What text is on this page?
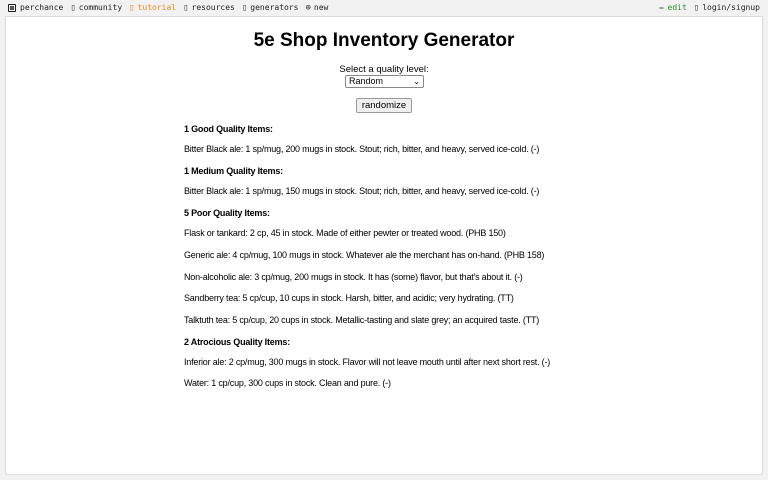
perchance ▯ community ▯ tutorial ▯ resources ▯ generators ⊕ new	✏ edit ▯ login/signup
5e Shop Inventory Generator
Select a quality level:
Random	⌄
randomize

1 Good Quality Items:

Bitter Black ale: 1 sp/mug, 200 mugs in stock. Stout; rich, bitter, and heavy, served ice-cold. (-)

1 Medium Quality Items:

Bitter Black ale: 1 sp/mug, 150 mugs in stock. Stout; rich, bitter, and heavy, served ice-cold. (-)

5 Poor Quality Items:

Flask or tankard: 2 cp, 45 in stock. Made of either pewter or treated wood. (PHB 150)

Generic ale: 4 cp/mug, 100 mugs in stock. Whatever ale the merchant has on-hand. (PHB 158)

Non-alcoholic ale: 3 cp/mug, 200 mugs in stock. It has (some) flavor, but that's about it. (-)

Sandberry tea: 5 cp/cup, 10 cups in stock. Harsh, bitter, and acidic; very hydrating. (TT)

Talktuth tea: 5 cp/cup, 20 cups in stock. Metallic-tasting and slate grey; an acquired taste. (TT)

2 Atrocious Quality Items:

Inferior ale: 2 cp/mug, 300 mugs in stock. Flavor will not leave mouth until after next short rest. (-)

Water: 1 cp/cup, 300 cups in stock. Clean and pure. (-)
